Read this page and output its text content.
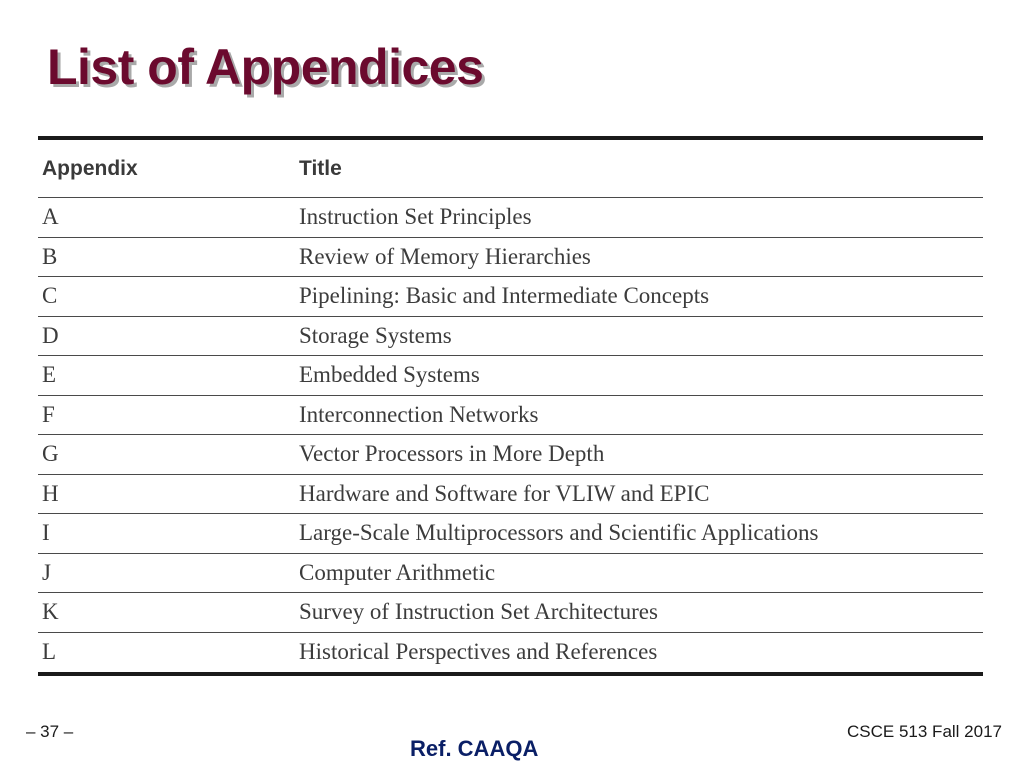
List of Appendices
Appendix	Title
A	Instruction Set Principles
B	Review of Memory Hierarchies
C	Pipelining: Basic and Intermediate Concepts
D	Storage Systems
E	Embedded Systems
F	Interconnection Networks
G	Vector Processors in More Depth
H	Hardware and Software for VLIW and EPIC
I	Large-Scale Multiprocessors and Scientific Applications
J	Computer Arithmetic
K	Survey of Instruction Set Architectures
L	Historical Perspectives and References
– 37 –
Ref. CAAQA
CSCE 513 Fall 2017
